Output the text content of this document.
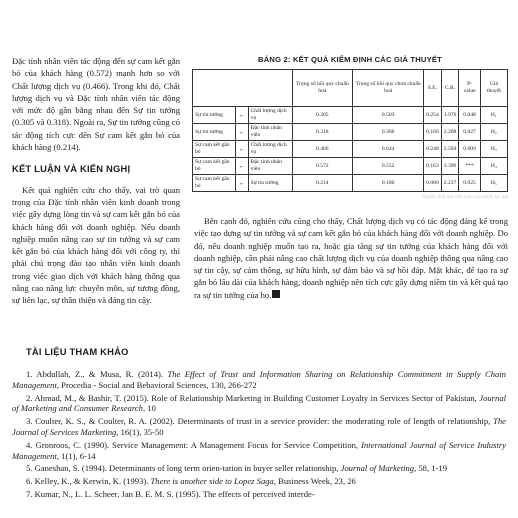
Đặc tính nhân viên tác động đến sự cam kết gắn bó của khách hàng (0.572) mạnh hơn so với Chất lượng dịch vụ (0.466). Trong khi đó, Chất lượng dịch vụ và Đặc tính nhân viên tác động với mức độ gần bằng nhau đến Sự tin tưởng (0.305 và 0.318). Ngoài ra, Sự tin tưởng cũng có tác động tích cực đến Sự cam kết gắn bó của khách hàng (0.214).

KẾT LUẬN VÀ KIẾN NGHỊ

Kết quả nghiên cứu cho thấy, vai trò quan trọng của Đặc tính nhân viên kinh doanh trong việc gây dựng lòng tin và sự cam kết gắn bó của khách hàng đối với doanh nghiệp. Nếu doanh nghiệp muốn nâng cao sự tin tưởng và sự cam kết gắn bó của khách hàng đối với công ty, thì phải chú trọng đào tạo nhân viên kinh doanh trong việc giao dịch với khách hàng thông qua nâng cao năng lực chuyên môn, sự tương đồng, sự liên lạc, sự thân thiện và đáng tin cậy.

BẢNG 2: KẾT QUẢ KIỂM ĐỊNH CÁC GIẢ THUYẾT
			Trọng số hồi quy chuẩn hoá	Trọng số hồi quy chưa chuẩn hoá	S.E.	C.R.	P-value	Giả thuyết
Sự tin tưởng	←	Chất lượng dịch vụ	0.305	0.503	0.254	1.976	0.048	H₁
Sự tin tưởng	←	Đặc tính nhân viên	0.318	0.366	0.166	2.208	0.027	H₂
Sự cam kết gắn bó	←	Chất lượng dịch vụ	0.466	0.644	0.248	2.594	0.009	H₃
Sự cam kết gắn bó	←	Đặc tính nhân viên	0.572	0.552	0.163	3.396	***	H₄
Sự cam kết gắn bó	←	Sự tin tưởng	0.214	0.180	0.080	2.237	0.025	H₅
Nguồn: Kết quả tính toán của nhóm tác giả

Bên cạnh đó, nghiên cứu cũng cho thấy, Chất lượng dịch vụ có tác động đáng kể trong việc tạo dựng sự tin tưởng và sự cam kết gắn bó của khách hàng đối với doanh nghiệp. Do đó, nếu doanh nghiệp muốn tạo ra, hoặc gia tăng sự tin tưởng của khách hàng đối với doanh nghiệp, cần phải nâng cao chất lượng dịch vụ của doanh nghiệp thông qua nâng cao sự tin cậy, sự cảm thông, sự hữu hình, sự đảm bảo và sự hồi đáp. Mặt khác, để tạo ra sự gắn bó lâu dài của khách hàng, doanh nghiệp nên tích cực gây dựng niềm tin và kết quả tạo ra sự tin tưởng của họ.

TÀI LIỆU THAM KHẢO

1. Abdullah, Z., & Musa, R. (2014). The Effect of Trust and Information Sharing on Relationship Commitment in Supply Chain Management, Procedia - Social and Behavioral Sciences, 130, 266-272

2. Ahmad, M., & Bashir, T. (2015). Role of Relationship Marketing in Building Customer Loyalty in Services Sector of Pakistan, Journal of Marketing and Consumer Research, 10

3. Coulter, K. S., & Coulter, R. A. (2002). Determinants of trust in a service provider: the moderating role of length of relationship, The Journal of Services Marketing, 16(1), 35-50

4. Gronroos, C. (1990). Service Management: A Management Focus for Service Competition, International Journal of Service Industry Management, 1(1), 6-14

5. Ganeshan, S. (1994). Determinants of long term orien-tation in buyer seller relationship, Journal of Marketing, 58, 1-19

6. Kelley, K., & Kerwin, K. (1993). There is another side to Lopez Saga, Business Week, 23, 26

7. Kumar, N., L. L. Scheer, Jan B. E. M. S. (1995). The effects of perceived interde-
